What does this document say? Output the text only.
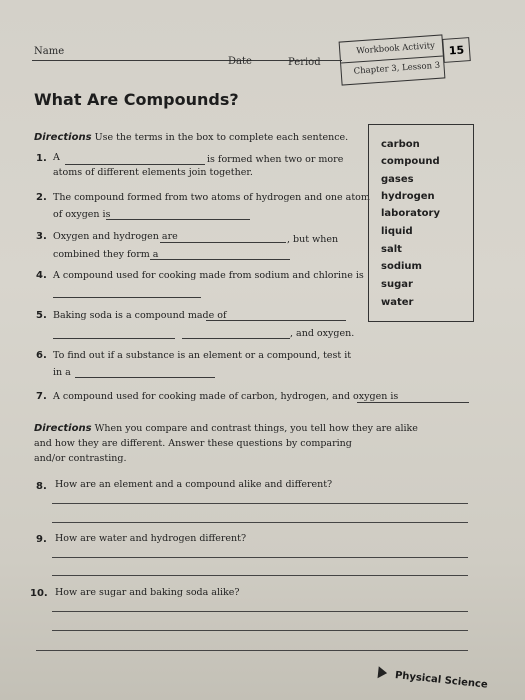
Name
Date	Period
Workbook Activity
Chapter 3, Lesson 3
15
What Are Compounds?
Directions Use the terms in the box to complete each sentence.
1. A	is formed when two or more
atoms of different elements join together.
2. The compound formed from two atoms of hydrogen and one atom
of oxygen is
3. Oxygen and hydrogen are	, but when
combined they form a
4. A compound used for cooking made from sodium and chlorine is
5. Baking soda is a compound made of
, and oxygen.
6. To find out if a substance is an element or a compound, test it
in a
7. A compound used for cooking made of carbon, hydrogen, and oxygen is
carbon
compound
gases
hydrogen
laboratory
liquid
salt
sodium
sugar
water
Directions When you compare and contrast things, you tell how they are alike
and how they are different. Answer these questions by comparing
and/or contrasting.
8. How are an element and a compound alike and different?
9. How are water and hydrogen different?
10. How are sugar and baking soda alike?
Physical Science
